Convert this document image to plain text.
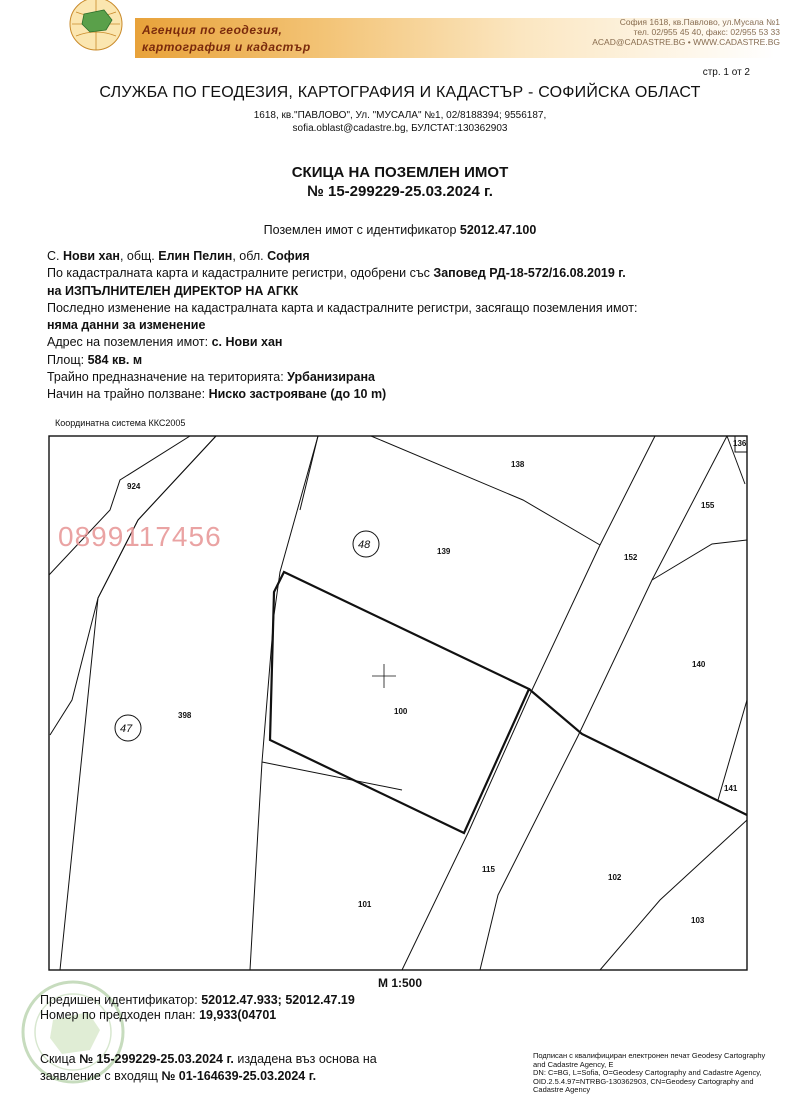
Агенция по геодезия,
картография и кадастър
София 1618, кв.Павлово, ул.Мусала №1
тел. 02/955 45 40, факс: 02/955 53 33
ACAD@CADASTRE.BG • WWW.CADASTRE.BG
стр. 1 от 2
СЛУЖБА ПО ГЕОДЕЗИЯ, КАРТОГРАФИЯ И КАДАСТЪР - СОФИЙСКА ОБЛАСТ
1618, кв."ПАВЛОВО", Ул. "МУСАЛА" №1, 02/8188394; 9556187,
sofia.oblast@cadastre.bg, БУЛСТАТ:130362903
СКИЦА НА ПОЗЕМЛЕН ИМОТ
№ 15-299229-25.03.2024 г.
Поземлен имот с идентификатор 52012.47.100
С. Нови хан, общ. Елин Пелин, обл. София
По кадастралната карта и кадастралните регистри, одобрени със Заповед РД-18-572/16.08.2019 г.
на ИЗПЪЛНИТЕЛЕН ДИРЕКТОР НА АГКК
Последно изменение на кадастралната карта и кадастралните регистри, засягащо поземления имот:
няма данни за изменение
Адрес на поземления имот: с. Нови хан
Площ: 584 кв. м
Трайно предназначение на територията: Урбанизирана
Начин на трайно ползване: Ниско застрояване (до 10 m)
Координатна система ККС2005
48
47
924
398
138
139
136
155
152
140
100
141
115
102
101
103
0899117456
M 1:500
Предишен идентификатор: 52012.47.933; 52012.47.19
Номер по предходен план: 19,933(04701
Скица № 15-299229-25.03.2024 г. издадена въз основа на
заявление с входящ № 01-164639-25.03.2024 г.
Подписан с квалифициран електронен печат Geodesy Cartography
and Cadastre Agency, E
DN: C=BG, L=Sofia, O=Geodesy Cartography and Cadastre Agency,
OID.2.5.4.97=NTRBG-130362903, CN=Geodesy Cartography and
Cadastre Agency
